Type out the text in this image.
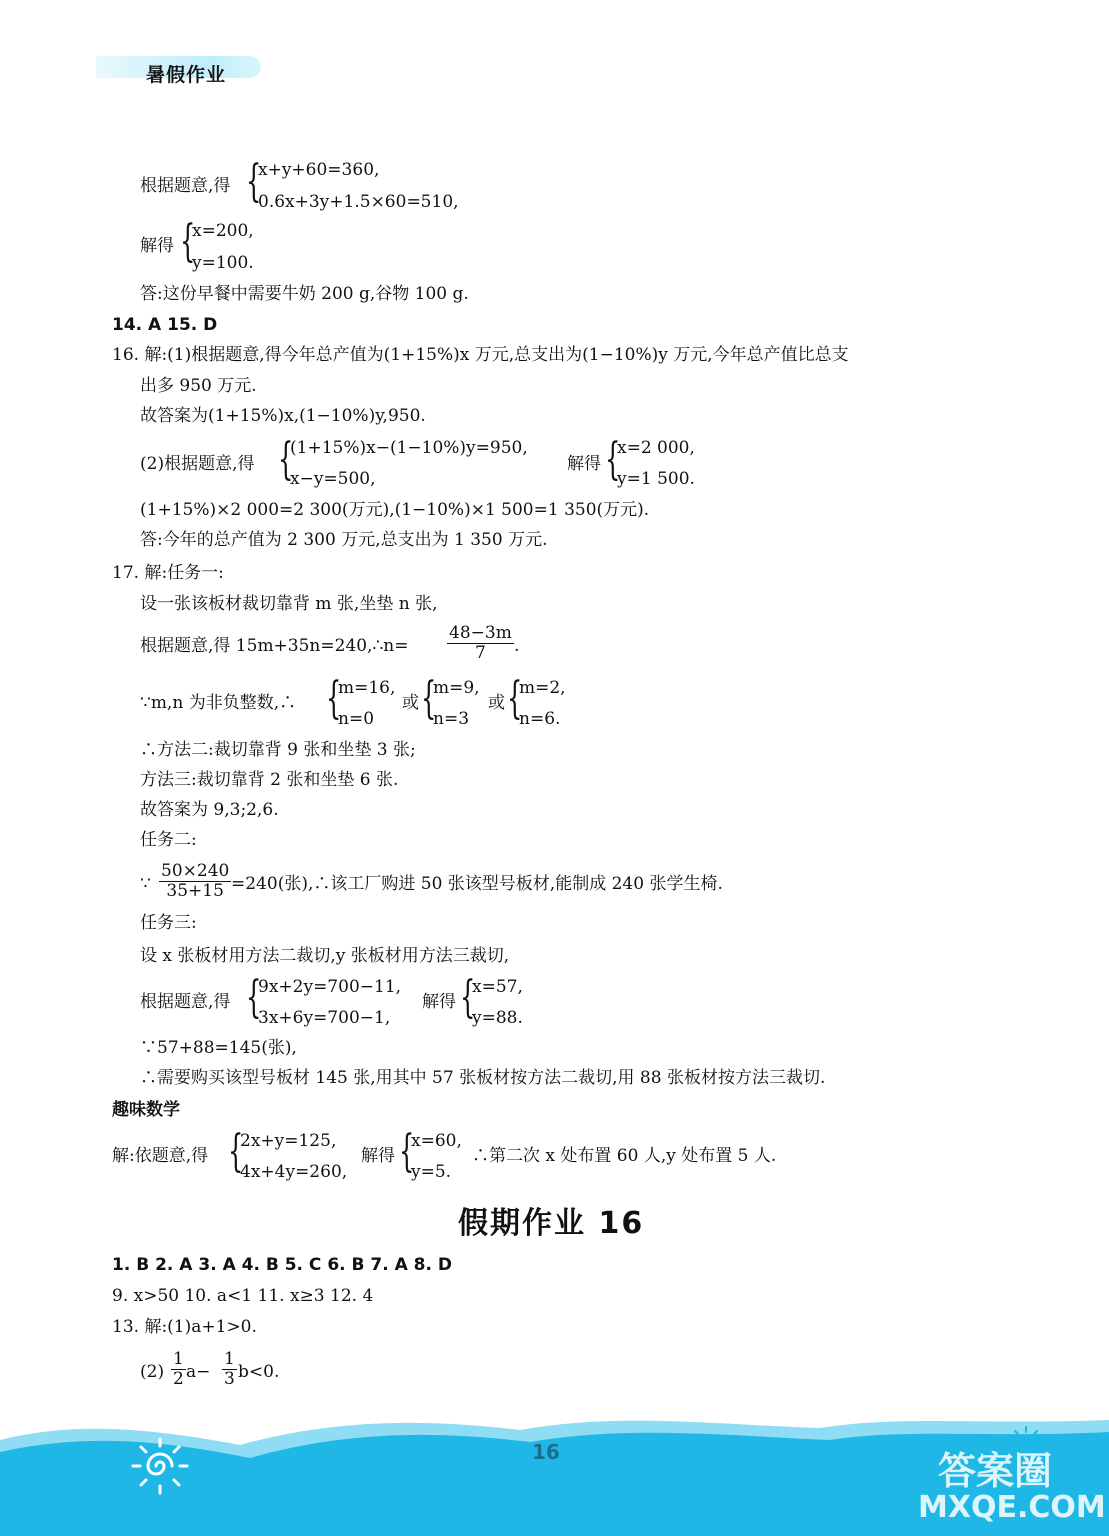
暑假作业
根据题意,得 {
x+y+60=360,
0.6x+3y+1.5×60=510,
解得 {
x=200,
y=100.
答:这份早餐中需要牛奶 200 g,谷物 100 g.
14. A 15. D
16. 解:(1)根据题意,得今年总产值为(1+15%)x 万元,总支出为(1−10%)y 万元,今年总产值比总支
出多 950 万元.
故答案为(1+15%)x,(1−10%)y,950.
(2)根据题意,得 {
(1+15%)x−(1−10%)y=950,
x−y=500,
解得 {
x=2 000,
y=1 500.
(1+15%)×2 000=2 300(万元),(1−10%)×1 500=1 350(万元).
答:今年的总产值为 2 300 万元,总支出为 1 350 万元.
17. 解:任务一:
设一张该板材裁切靠背 m 张,坐垫 n 张,
根据题意,得 15m+35n=240,∴n= $\frac{48-3m}{7}$ .
∵m,n 为非负整数,∴ {
m=16,
n=0
或 {
m=9,
n=3
或 {
m=2,
n=6.
∴方法二:裁切靠背 9 张和坐垫 3 张;
方法三:裁切靠背 2 张和坐垫 6 张.
故答案为 9,3;2,6.
任务二:
∵ $\frac{50\times 240}{35+15} =240$(张),∴该工厂购进 50 张该型号板材,能制成 240 张学生椅.
任务三:
设 x 张板材用方法二裁切,y 张板材用方法三裁切,
根据题意,得 {
9x+2y=700−11,
3x+6y=700−1,
解得 {
x=57,
y=88.
∵57+88=145(张),
∴需要购买该型号板材 145 张,用其中 57 张板材按方法二裁切,用 88 张板材按方法三裁切.
趣味数学
解:依题意,得 {
2x+y=125,
4x+4y=260,
解得 {
x=60,
y=5.
∴第二次 x 处布置 60 人,y 处布置 5 人.
假期作业 16
1. B 2. A 3. A 4. B 5. C 6. B 7. A 8. D
9. x>50 10. a<1 11. x≥3 12. 4
13. 解:(1)a+1>0.
$(2) \frac{1}{2} a- \frac{1}{3} b<0$.
16	答案圈
MXQE.COM
